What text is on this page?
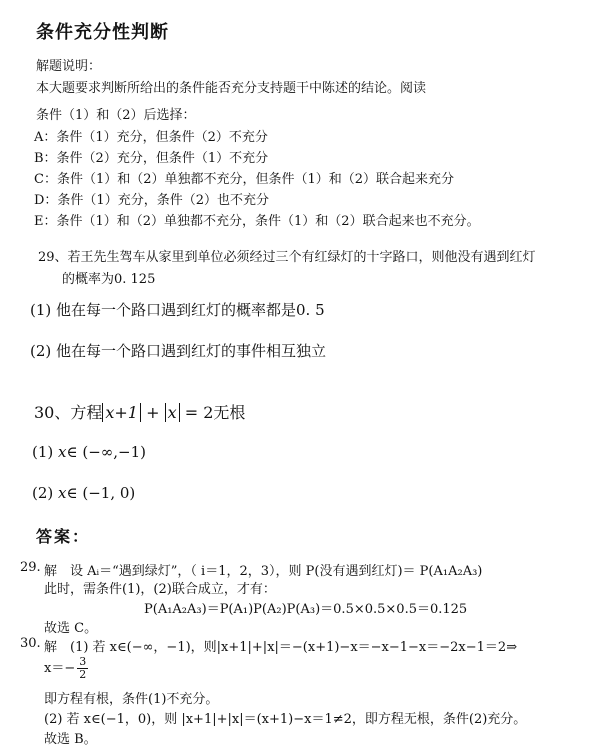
条件充分性判断
解题说明：
本大题要求判断所给出的条件能否充分支持题干中陈述的结论。阅读
条件（1）和（2）后选择：
A：条件（1）充分，但条件（2）不充分
B：条件（2）充分，但条件（1）不充分
C：条件（1）和（2）单独都不充分，但条件（1）和（2）联合起来充分
D：条件（1）充分，条件（2）也不充分
E：条件（1）和（2）单独都不充分，条件（1）和（2）联合起来也不充分。
29、若王先生驾车从家里到单位必须经过三个有红绿灯的十字路口，则他没有遇到红灯
的概率为0. 125
(1) 他在每一个路口遇到红灯的概率都是0. 5
(2) 他在每一个路口遇到红灯的事件相互独立
30、方程 x+1 + x = 2无根
(1) x∈ (−∞,−1)
(2) x∈ (−1, 0)
答案：
29. 解　设 Aᵢ＝“遇到绿灯”，（ i＝1，2，3），则 P(没有遇到红灯)＝ P(A₁A₂A₃)
此时，需条件(1)，(2)联合成立，才有：
P(A₁A₂A₃)＝P(A₁)P(A₂)P(A₃)＝0.5×0.5×0.5＝0.125
故选 C。
30. 解　(1) 若 x∈(−∞，−1)，则|x+1|+|x|＝−(x+1)−x＝−x−1−x＝−2x−1＝2⇒
$x=- \frac{3}{2}$
即方程有根，条件(1)不充分。
(2) 若 x∈(−1，0)，则 |x+1|+|x|＝(x+1)−x＝1≠2，即方程无根，条件(2)充分。
故选 B。
